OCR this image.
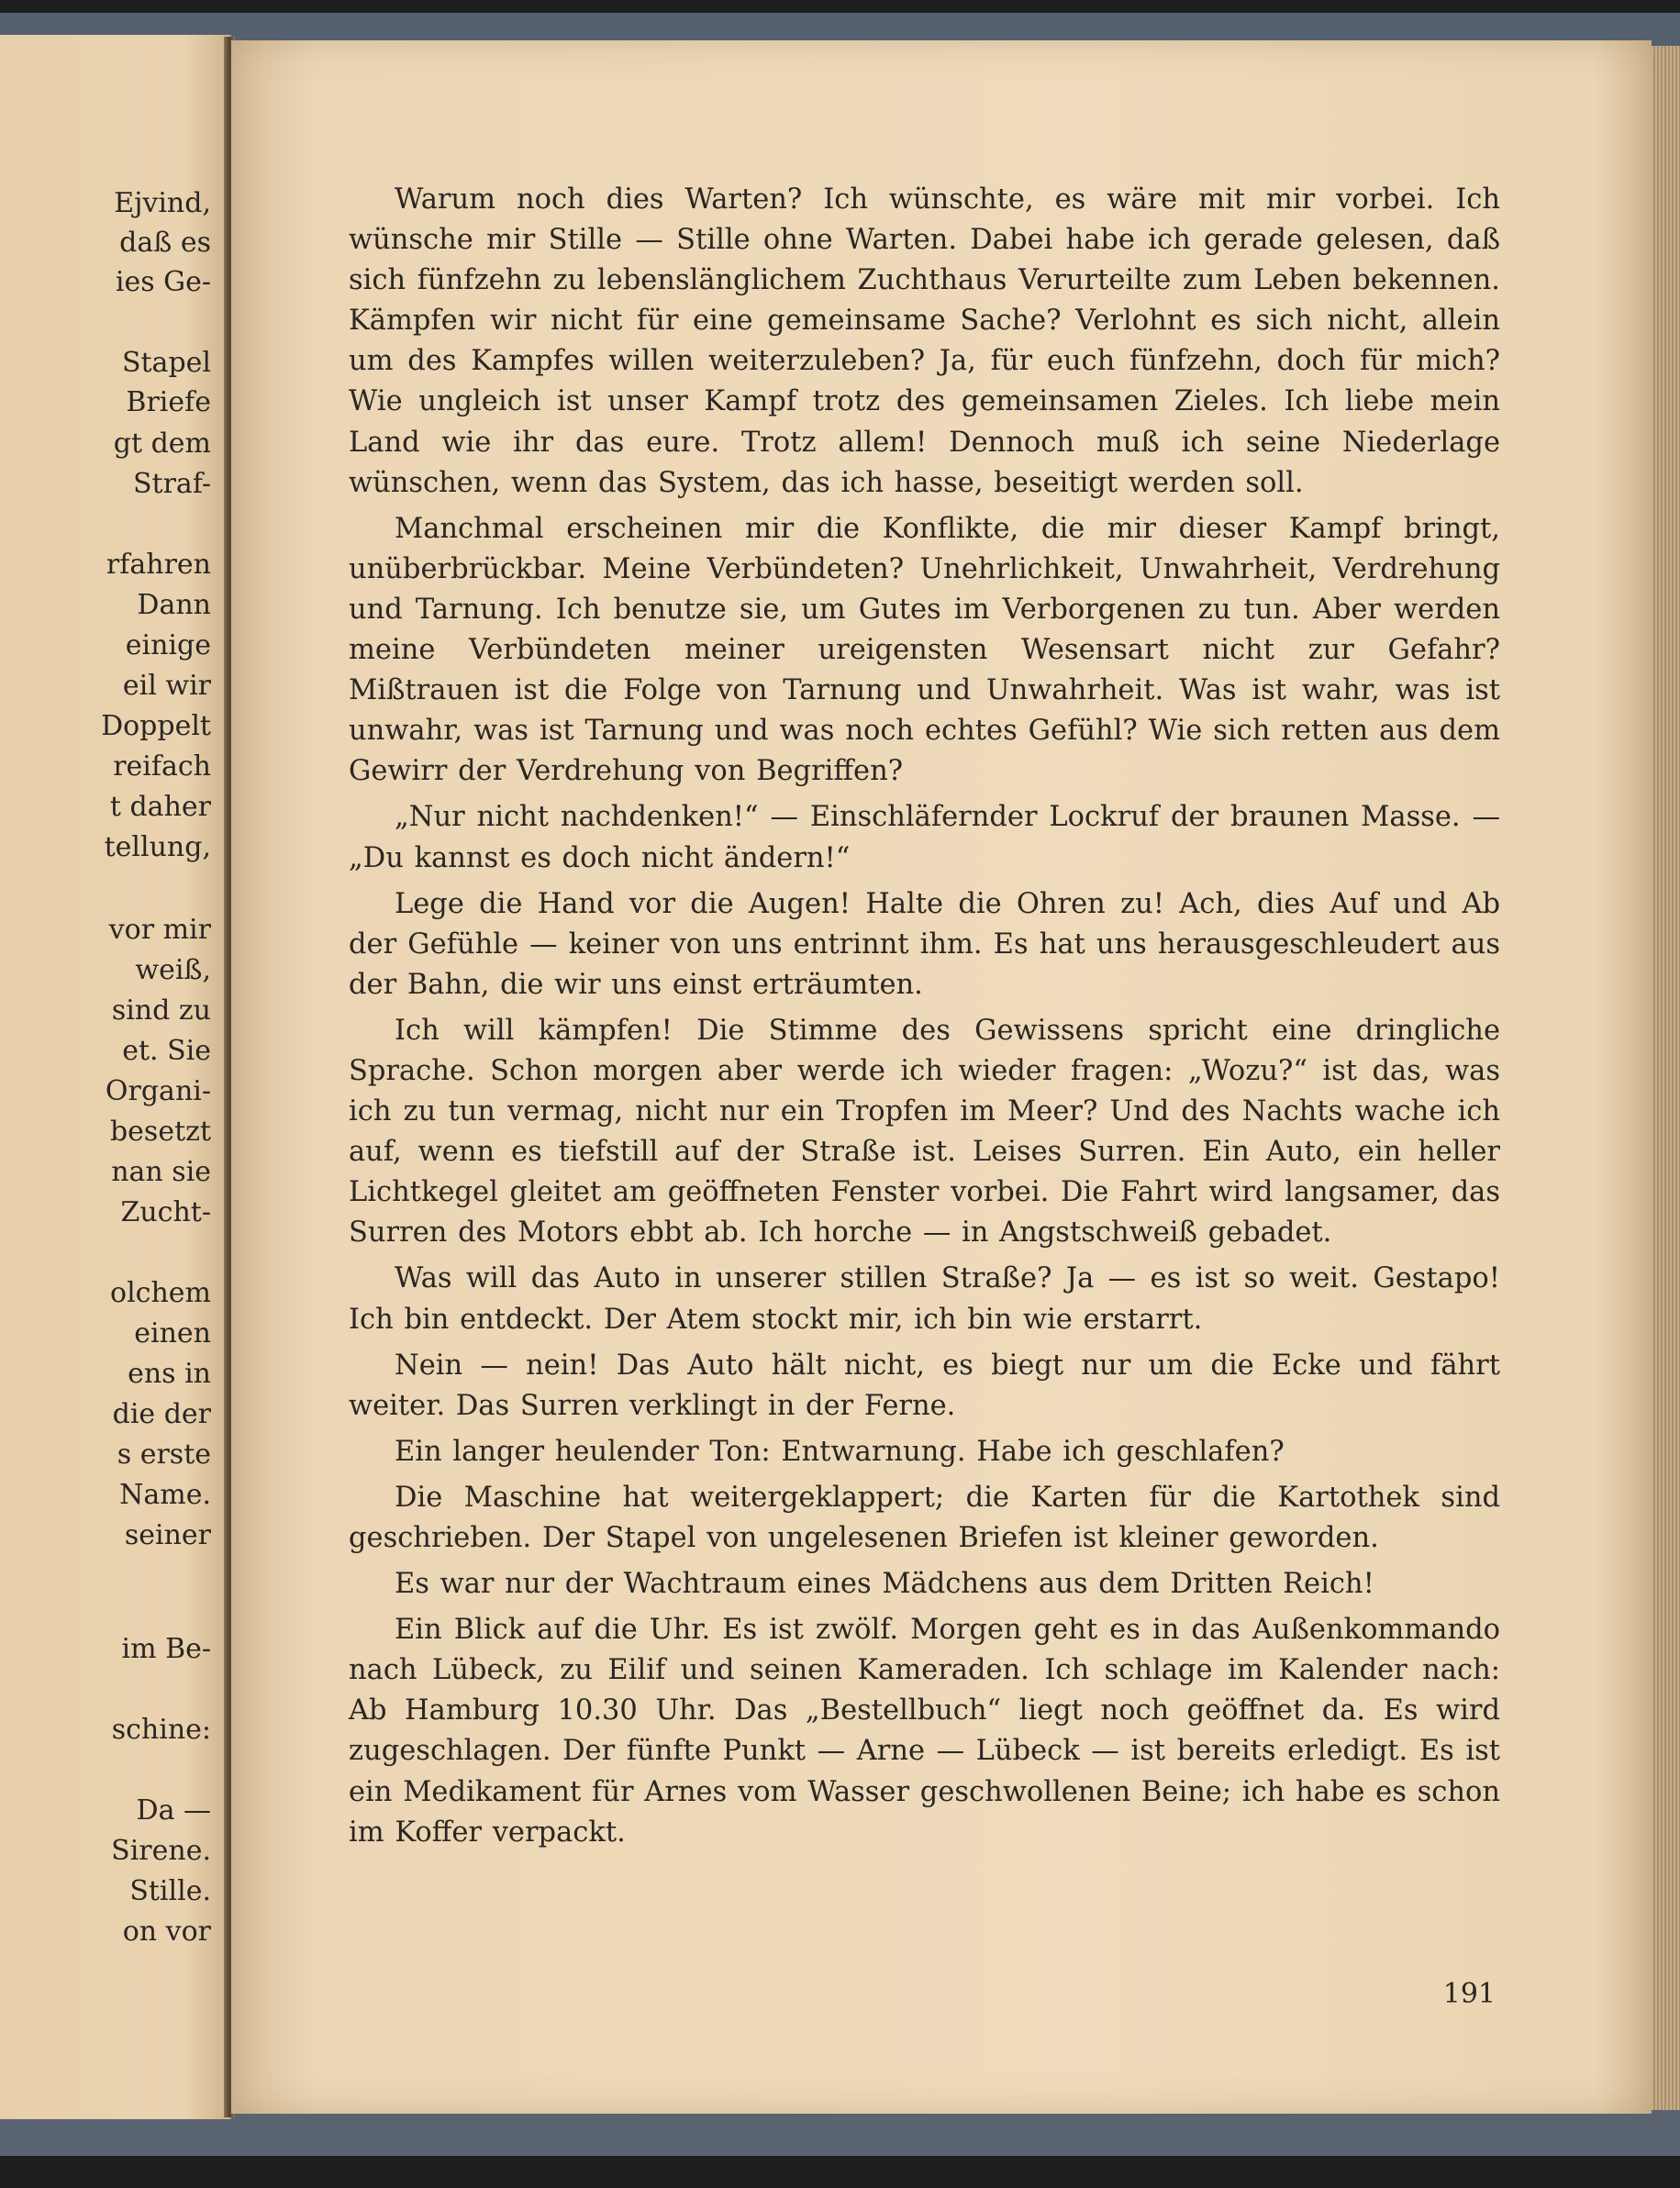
Ejvind,
daß es
ies Ge-
Stapel
Briefe
gt dem
Straf-
rfahren
Dann
einige
eil wir
Doppelt
reifach
t daher
tellung,
vor mir
weiß,
sind zu
et. Sie
Organi-
besetzt
nan sie
Zucht-
olchem
einen
ens in
die der
s erste
Name.
seiner
im Be-
schine:
Da —
Sirene.
Stille.
on vor

Warum noch dies Warten? Ich wünschte, es wäre mit mir vorbei. Ich wünsche mir Stille — Stille ohne Warten. Dabei habe ich gerade gelesen, daß sich fünfzehn zu lebenslänglichem Zuchthaus Verurteilte zum Leben bekennen. Kämpfen wir nicht für eine gemeinsame Sache? Verlohnt es sich nicht, allein um des Kampfes willen weiterzuleben? Ja, für euch fünfzehn, doch für mich? Wie ungleich ist unser Kampf trotz des gemeinsamen Zieles. Ich liebe mein Land wie ihr das eure. Trotz allem! Dennoch muß ich seine Niederlage wünschen, wenn das System, das ich hasse, beseitigt werden soll.

Manchmal erscheinen mir die Konflikte, die mir dieser Kampf bringt, unüberbrückbar. Meine Verbündeten? Unehrlichkeit, Unwahrheit, Verdrehung und Tarnung. Ich benutze sie, um Gutes im Verborgenen zu tun. Aber werden meine Verbündeten meiner ureigensten Wesensart nicht zur Gefahr? Mißtrauen ist die Folge von Tarnung und Unwahrheit. Was ist wahr, was ist unwahr, was ist Tarnung und was noch echtes Gefühl? Wie sich retten aus dem Gewirr der Verdrehung von Begriffen?

„Nur nicht nachdenken!“ — Einschläfernder Lockruf der braunen Masse. — „Du kannst es doch nicht ändern!“

Lege die Hand vor die Augen! Halte die Ohren zu! Ach, dies Auf und Ab der Gefühle — keiner von uns entrinnt ihm. Es hat uns herausgeschleudert aus der Bahn, die wir uns einst erträumten.

Ich will kämpfen! Die Stimme des Gewissens spricht eine dringliche Sprache. Schon morgen aber werde ich wieder fragen: „Wozu?“ ist das, was ich zu tun vermag, nicht nur ein Tropfen im Meer? Und des Nachts wache ich auf, wenn es tiefstill auf der Straße ist. Leises Surren. Ein Auto, ein heller Lichtkegel gleitet am geöffneten Fenster vorbei. Die Fahrt wird langsamer, das Surren des Motors ebbt ab. Ich horche — in Angstschweiß gebadet.

Was will das Auto in unserer stillen Straße? Ja — es ist so weit. Gestapo! Ich bin entdeckt. Der Atem stockt mir, ich bin wie erstarrt.

Nein — nein! Das Auto hält nicht, es biegt nur um die Ecke und fährt weiter. Das Surren verklingt in der Ferne.

Ein langer heulender Ton: Entwarnung. Habe ich geschlafen?

Die Maschine hat weitergeklappert; die Karten für die Kartothek sind geschrieben. Der Stapel von ungelesenen Briefen ist kleiner geworden.

Es war nur der Wachtraum eines Mädchens aus dem Dritten Reich!

Ein Blick auf die Uhr. Es ist zwölf. Morgen geht es in das Außenkommando nach Lübeck, zu Eilif und seinen Kameraden. Ich schlage im Kalender nach: Ab Hamburg 10.30 Uhr. Das „Bestellbuch“ liegt noch geöffnet da. Es wird zugeschlagen. Der fünfte Punkt — Arne — Lübeck — ist bereits erledigt. Es ist ein Medikament für Arnes vom Wasser geschwollenen Beine; ich habe es schon im Koffer verpackt.

191
